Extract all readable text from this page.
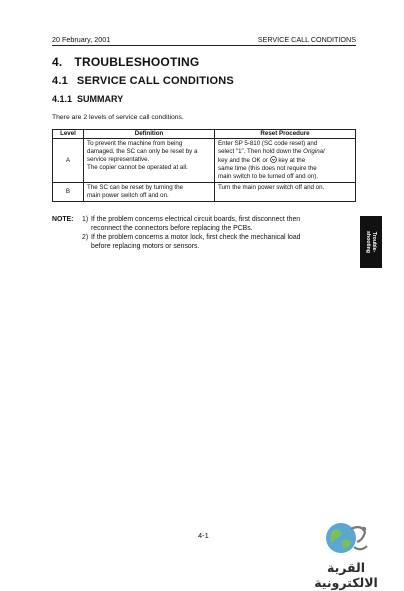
20 February, 2001	SERVICE CALL CONDITIONS
4. TROUBLESHOOTING
4.1 SERVICE CALL CONDITIONS
4.1.1 SUMMARY
There are 2 levels of service call conditions.
Level	Definition	Reset Procedure
A	To prevent the machine from being
damaged, the SC can only be reset by a
service representative.
The copier cannot be operated at all.	Enter SP 5-810 (SC code reset) and
select "1". Then hold down the Original
key and the OK or  key at the
same time (this does not require the
main switch to be turned off and on).

B	The SC can be reset by turning the
main power switch off and on.	Turn the main power switch off and on.
NOTE: 1) If the problem concerns electrical circuit boards, first disconnect then
reconnect the connectors before replacing the PCBs.
2) If the problem concerns a motor lock, first check the mechanical load
before replacing motors or sensors.	Trouble-
shooting
4-1
القرية الالكترونية
